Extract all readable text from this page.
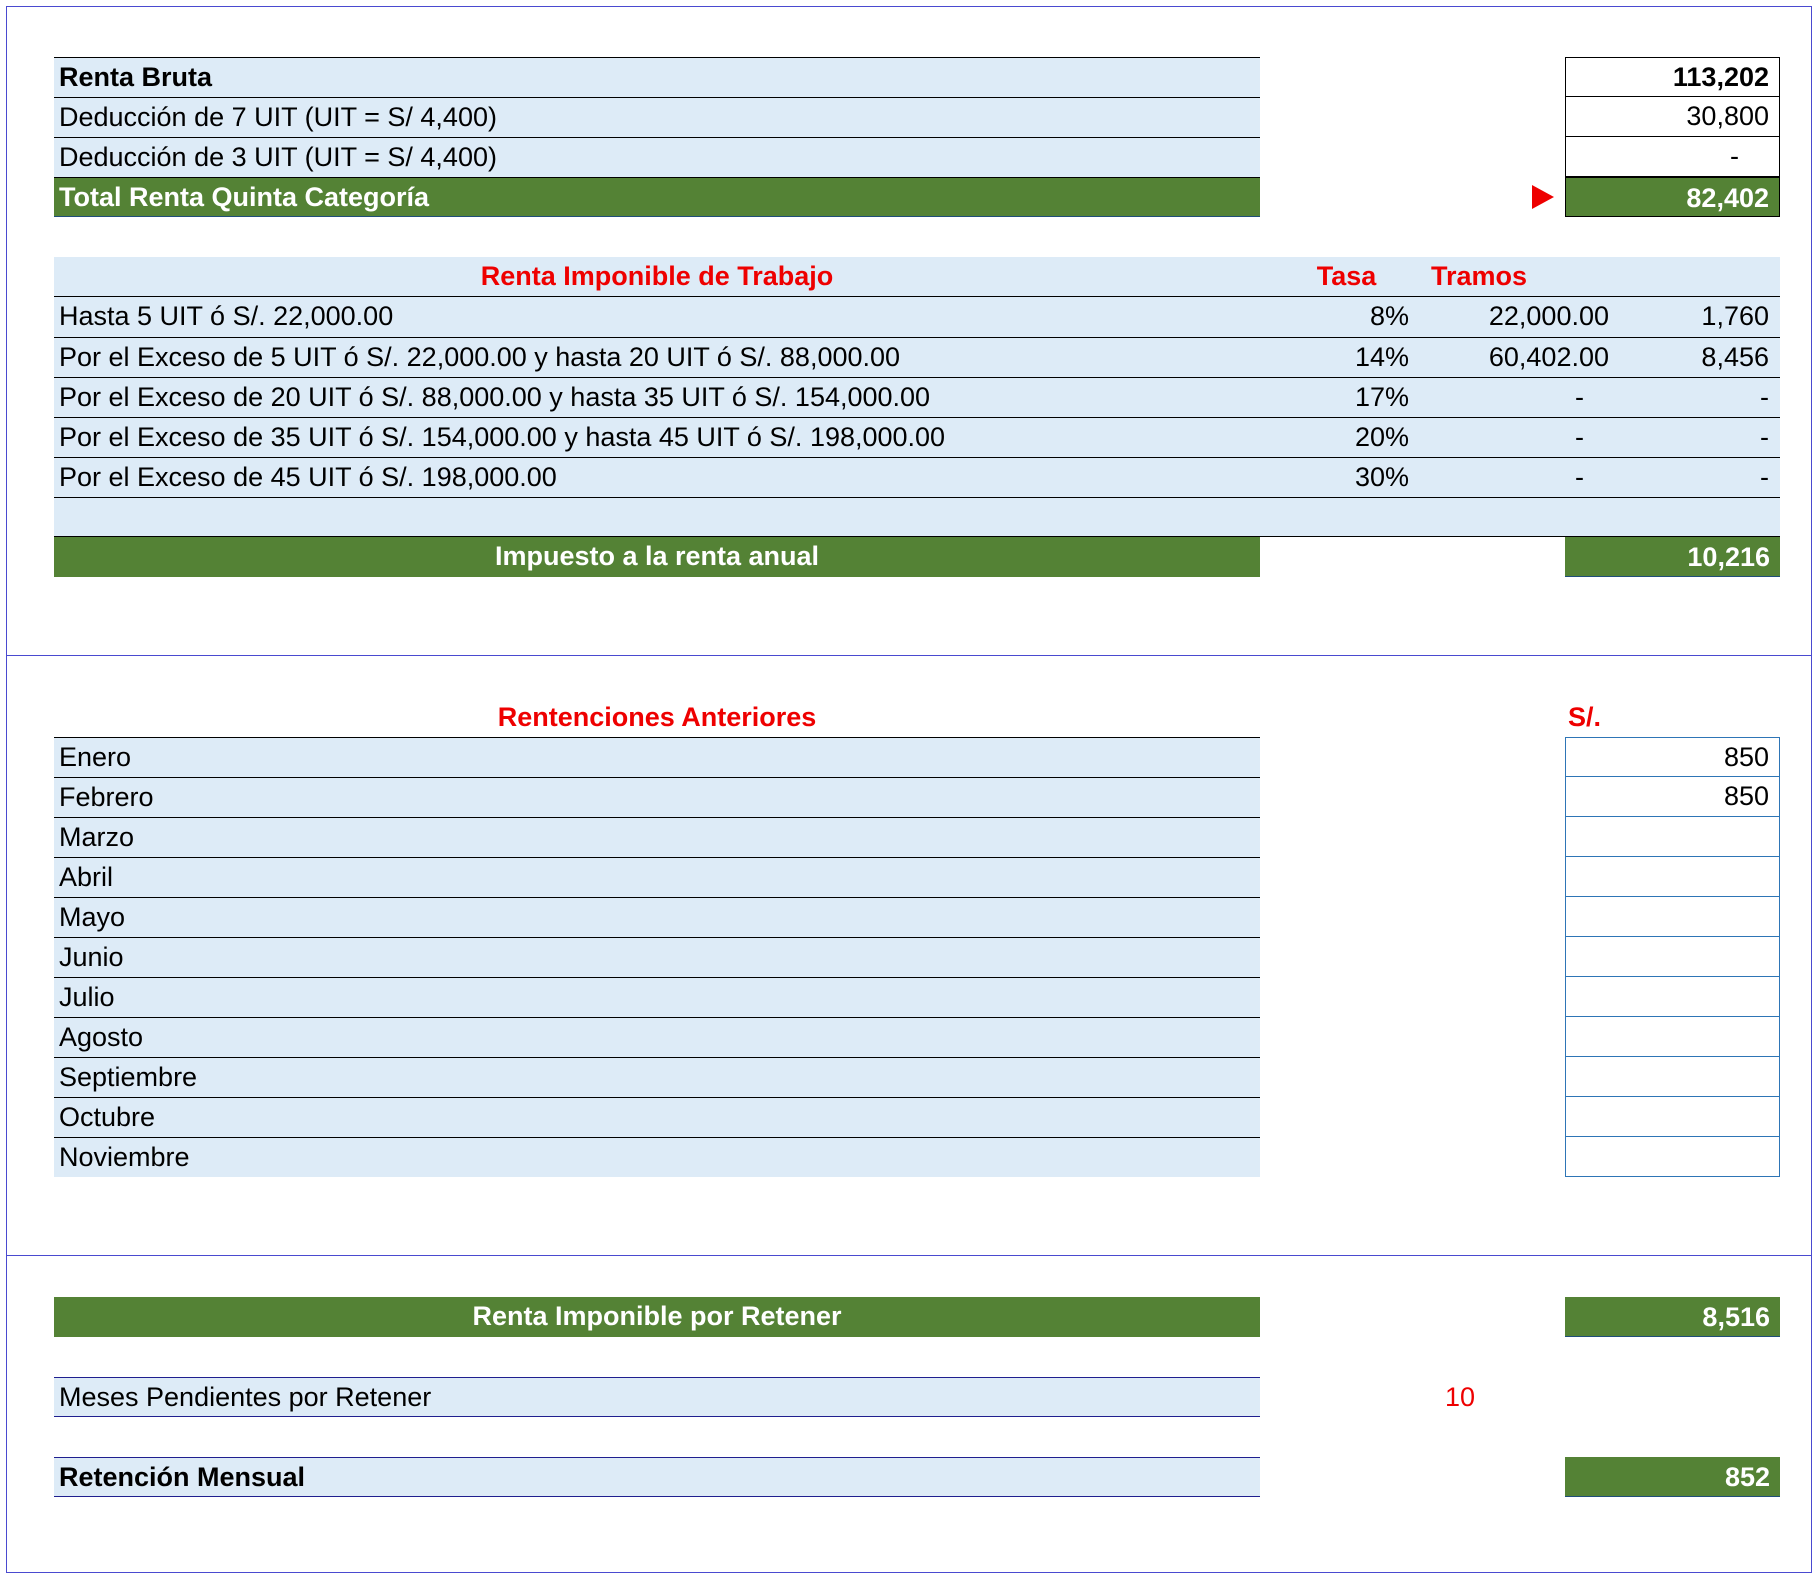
Renta Bruta	113,202
Deducción de 7 UIT (UIT = S/ 4,400)	30,800
Deducción de 3 UIT (UIT = S/ 4,400)	-
Total Renta Quinta Categoría	82,402
Renta Imponible de Trabajo	Tasa	Tramos
Hasta 5 UIT ó S/. 22,000.00	8%	22,000.00	1,760
Por el Exceso de 5 UIT ó S/. 22,000.00 y hasta 20 UIT ó S/. 88,000.00	14%	60,402.00	8,456
Por el Exceso de 20 UIT ó S/. 88,000.00 y hasta 35 UIT ó S/. 154,000.00	17%	-	-
Por el Exceso de 35 UIT ó S/. 154,000.00 y hasta 45 UIT ó S/. 198,000.00	20%	-	-
Por el Exceso de 45 UIT ó S/. 198,000.00	30%	-	-
Impuesto a la renta anual	10,216
Rentenciones Anteriores	S/.
Enero	850
Febrero	850
Marzo
Abril
Mayo
Junio
Julio
Agosto
Septiembre
Octubre
Noviembre
Renta Imponible por Retener	8,516
Meses Pendientes por Retener	10
Retención Mensual	852
